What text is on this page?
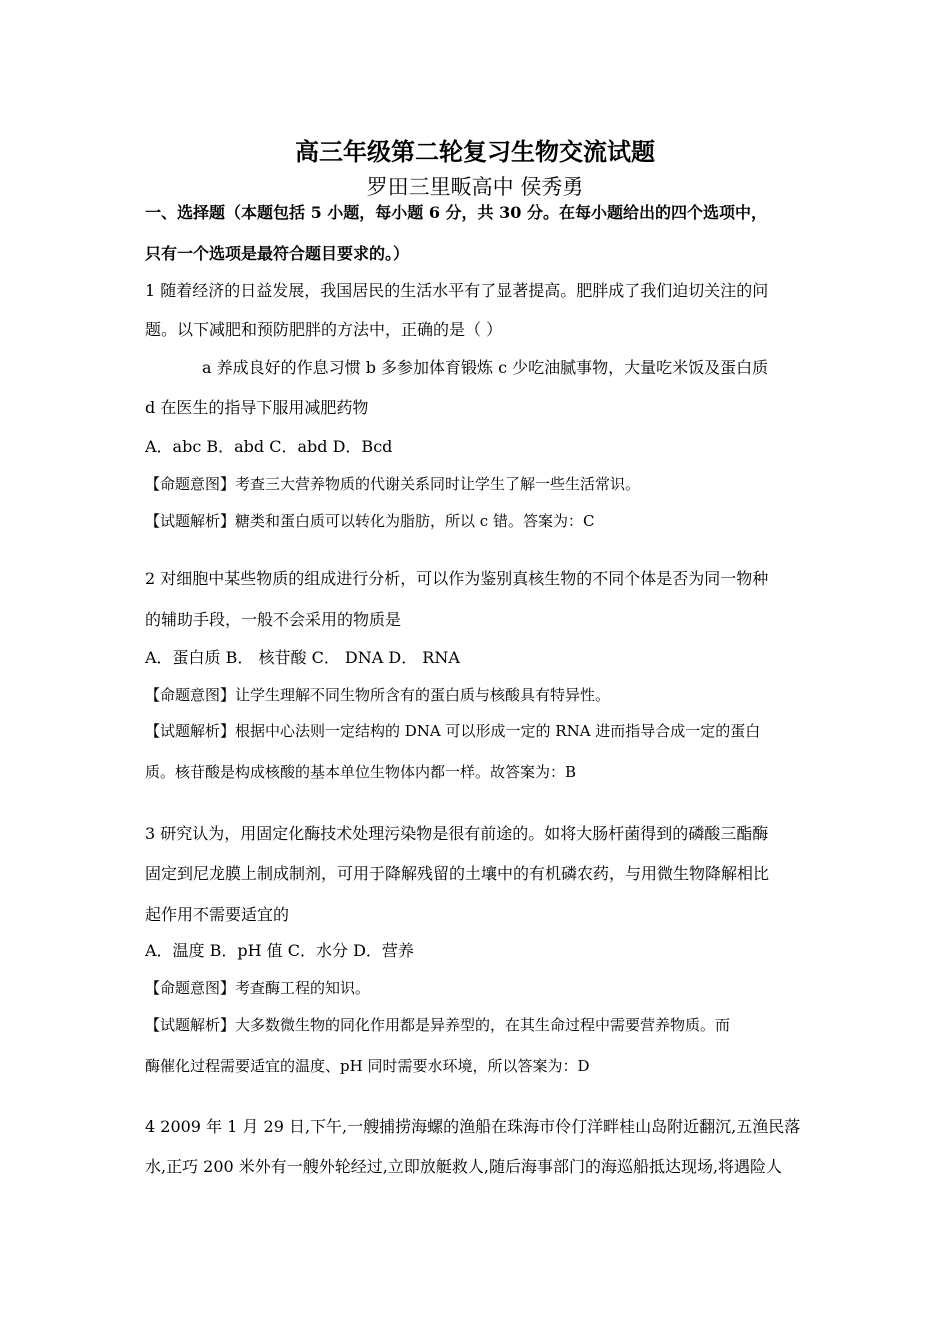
高三年级第二轮复习生物交流试题
罗田三里畈高中 侯秀勇
一、选择题（本题包括 5 小题，每小题 6 分，共 30 分。在每小题给出的四个选项中，
只有一个选项是最符合题目要求的。）
1 随着经济的日益发展，我国居民的生活水平有了显著提高。肥胖成了我们迫切关注的问
题。以下减肥和预防肥胖的方法中，正确的是（ ）
a 养成良好的作息习惯 b 多参加体育锻炼 c 少吃油腻事物，大量吃米饭及蛋白质
d 在医生的指导下服用减肥药物
A．abc B．abd C．abd D．Bcd
【命题意图】考查三大营养物质的代谢关系同时让学生了解一些生活常识。
【试题解析】糖类和蛋白质可以转化为脂肪，所以 c 错。答案为：C
2 对细胞中某些物质的组成进行分析，可以作为鉴别真核生物的不同个体是否为同一物种
的辅助手段，一般不会采用的物质是
A．蛋白质 B． 核苷酸 C． DNA D． RNA
【命题意图】让学生理解不同生物所含有的蛋白质与核酸具有特异性。
【试题解析】根据中心法则一定结构的 DNA 可以形成一定的 RNA 进而指导合成一定的蛋白
质。核苷酸是构成核酸的基本单位生物体内都一样。故答案为：B
3 研究认为，用固定化酶技术处理污染物是很有前途的。如将大肠杆菌得到的磷酸三酯酶
固定到尼龙膜上制成制剂，可用于降解残留的土壤中的有机磷农药，与用微生物降解相比
起作用不需要适宜的
A．温度 B．pH 值 C．水分 D．营养
【命题意图】考查酶工程的知识。
【试题解析】大多数微生物的同化作用都是异养型的，在其生命过程中需要营养物质。而
酶催化过程需要适宜的温度、pH 同时需要水环境，所以答案为：D
4 2009 年 1 月 29 日,下午,一艘捕捞海螺的渔船在珠海市伶仃洋畔桂山岛附近翻沉,五渔民落
水,正巧 200 米外有一艘外轮经过,立即放艇救人,随后海事部门的海巡船抵达现场,将遇险人
